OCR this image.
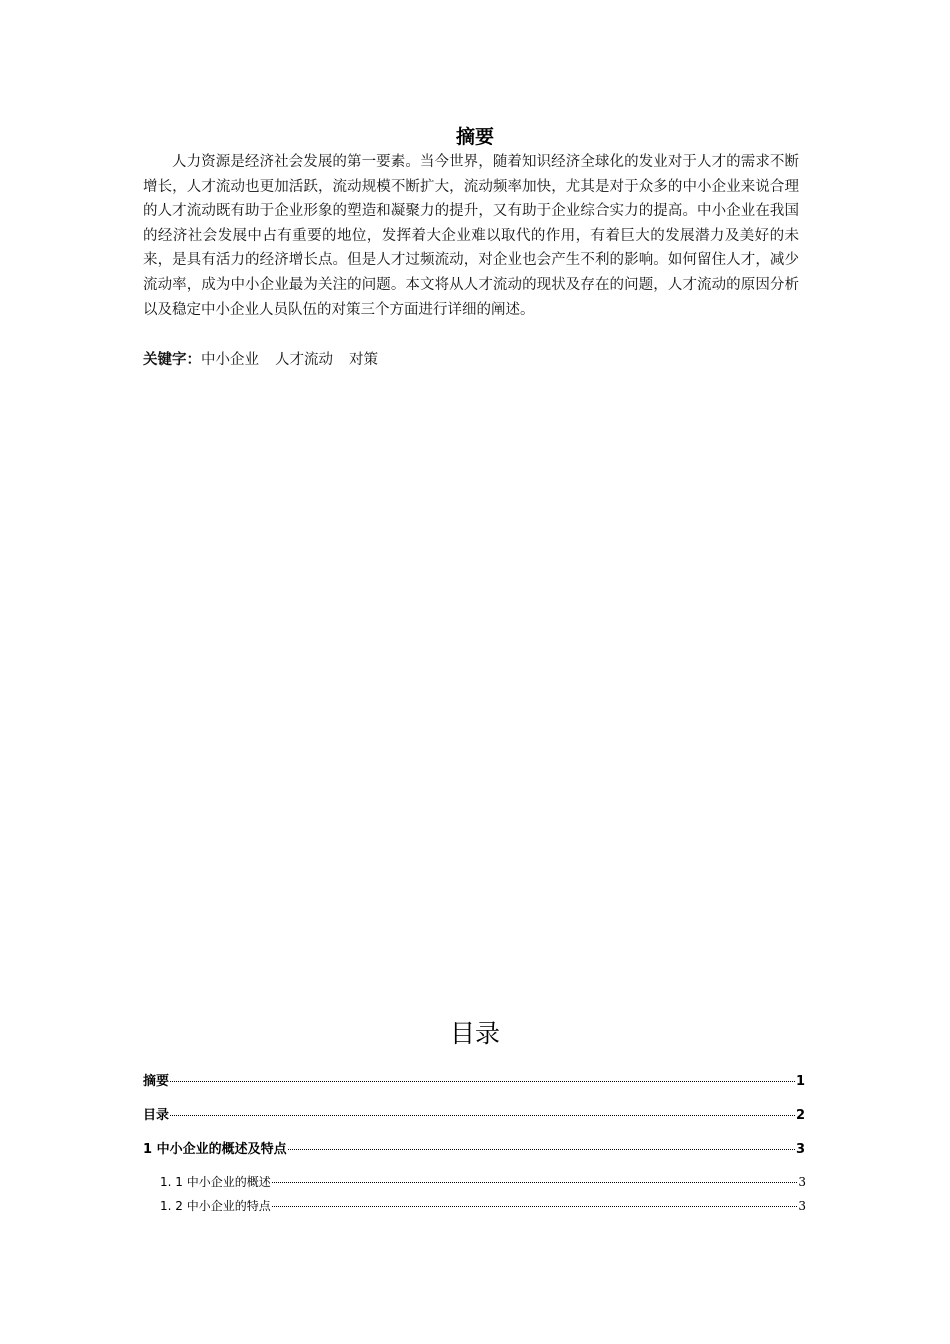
摘要

人力资源是经济社会发展的第一要素。当今世界，随着知识经济全球化的发业对于人才的需求不断增长，人才流动也更加活跃，流动规模不断扩大，流动频率加快，尤其是对于众多的中小企业来说合理的人才流动既有助于企业形象的塑造和凝聚力的提升，又有助于企业综合实力的提高。中小企业在我国的经济社会发展中占有重要的地位，发挥着大企业难以取代的作用，有着巨大的发展潜力及美好的未来，是具有活力的经济增长点。但是人才过频流动，对企业也会产生不利的影响。如何留住人才，减少流动率，成为中小企业最为关注的问题。本文将从人才流动的现状及存在的问题，人才流动的原因分析以及稳定中小企业人员队伍的对策三个方面进行详细的阐述。

关键字：中小企业 人才流动 对策
目录
摘要	1
目录	2
1 中小企业的概述及特点	3
1. 1 中小企业的概述	3
1. 2 中小企业的特点	3
